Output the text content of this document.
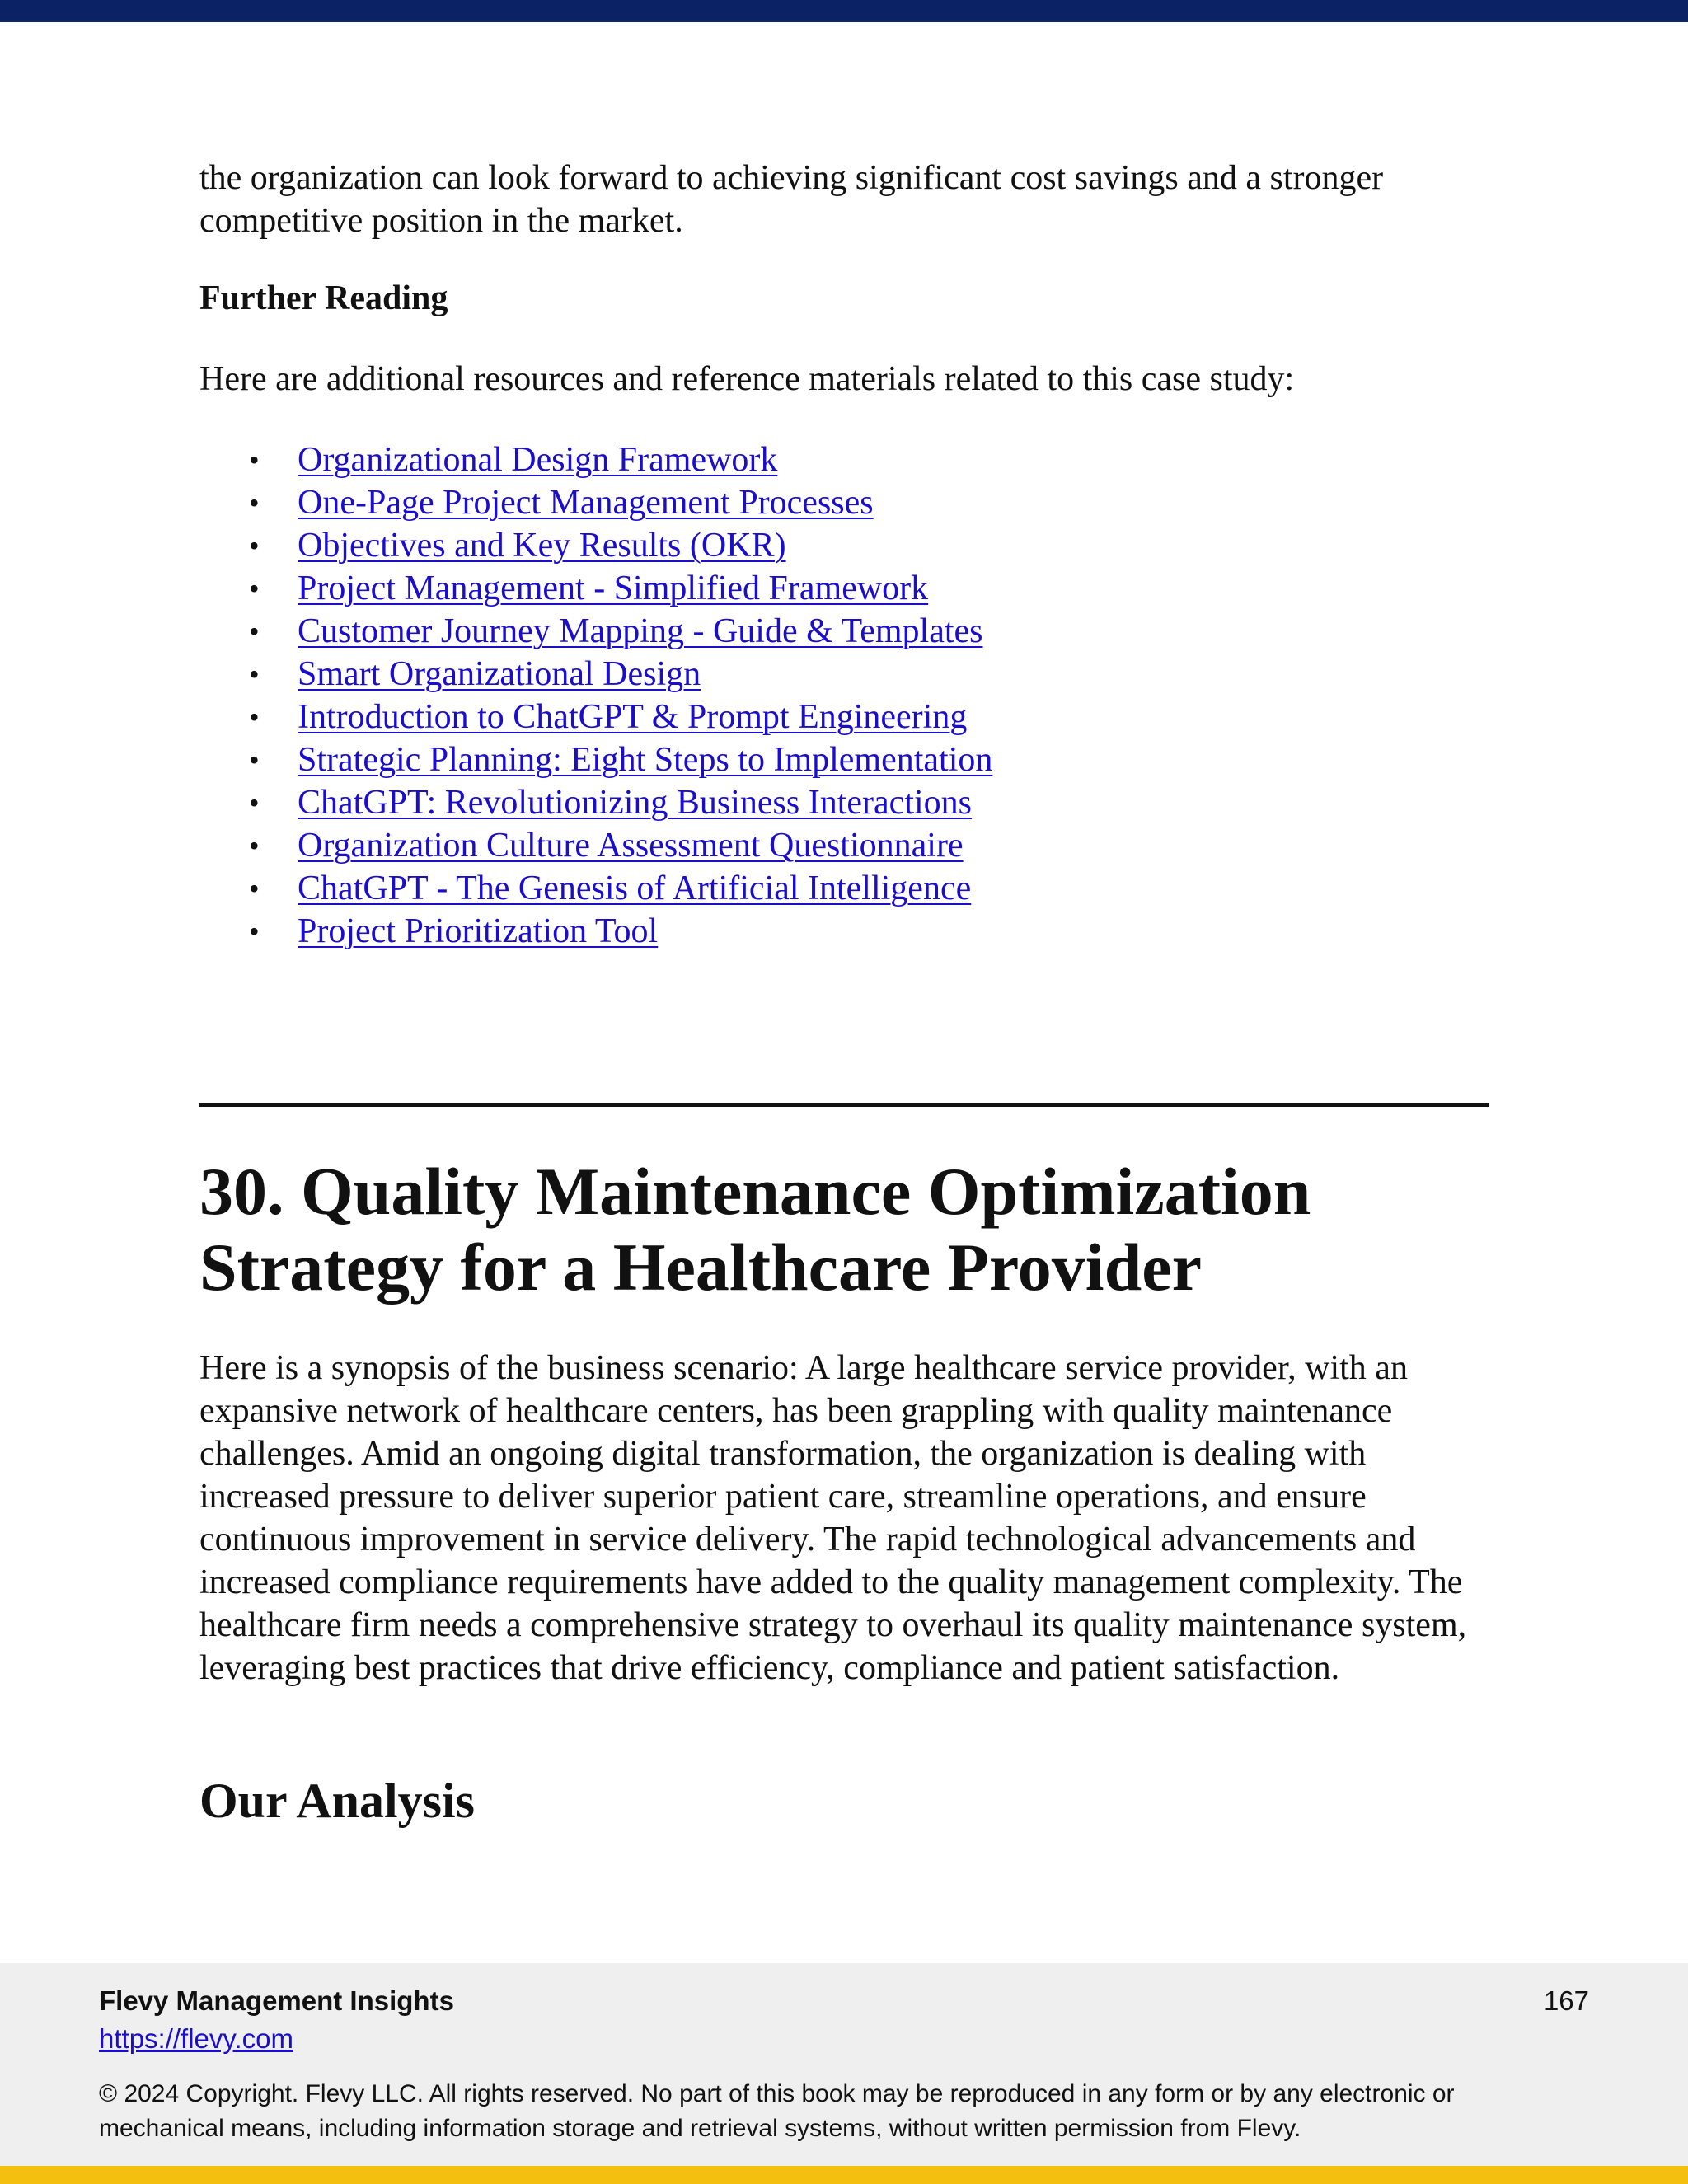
the organization can look forward to achieving significant cost savings and a stronger competitive position in the market.

Further Reading

Here are additional resources and reference materials related to this case study:

• Organizational Design Framework
• One-Page Project Management Processes
• Objectives and Key Results (OKR)
• Project Management - Simplified Framework
• Customer Journey Mapping - Guide & Templates
• Smart Organizational Design
• Introduction to ChatGPT & Prompt Engineering
• Strategic Planning: Eight Steps to Implementation
• ChatGPT: Revolutionizing Business Interactions
• Organization Culture Assessment Questionnaire
• ChatGPT - The Genesis of Artificial Intelligence
• Project Prioritization Tool
30. Quality Maintenance Optimization
Strategy for a Healthcare Provider

Here is a synopsis of the business scenario: A large healthcare service provider, with an expansive network of healthcare centers, has been grappling with quality maintenance challenges. Amid an ongoing digital transformation, the organization is dealing with increased pressure to deliver superior patient care, streamline operations, and ensure continuous improvement in service delivery. The rapid technological advancements and increased compliance requirements have added to the quality management complexity. The healthcare firm needs a comprehensive strategy to overhaul its quality maintenance system, leveraging best practices that drive efficiency, compliance and patient satisfaction.

Our Analysis
Flevy Management Insights
https://flevy.com
167
© 2024 Copyright. Flevy LLC. All rights reserved. No part of this book may be reproduced in any form or by any electronic or mechanical means, including information storage and retrieval systems, without written permission from Flevy.
